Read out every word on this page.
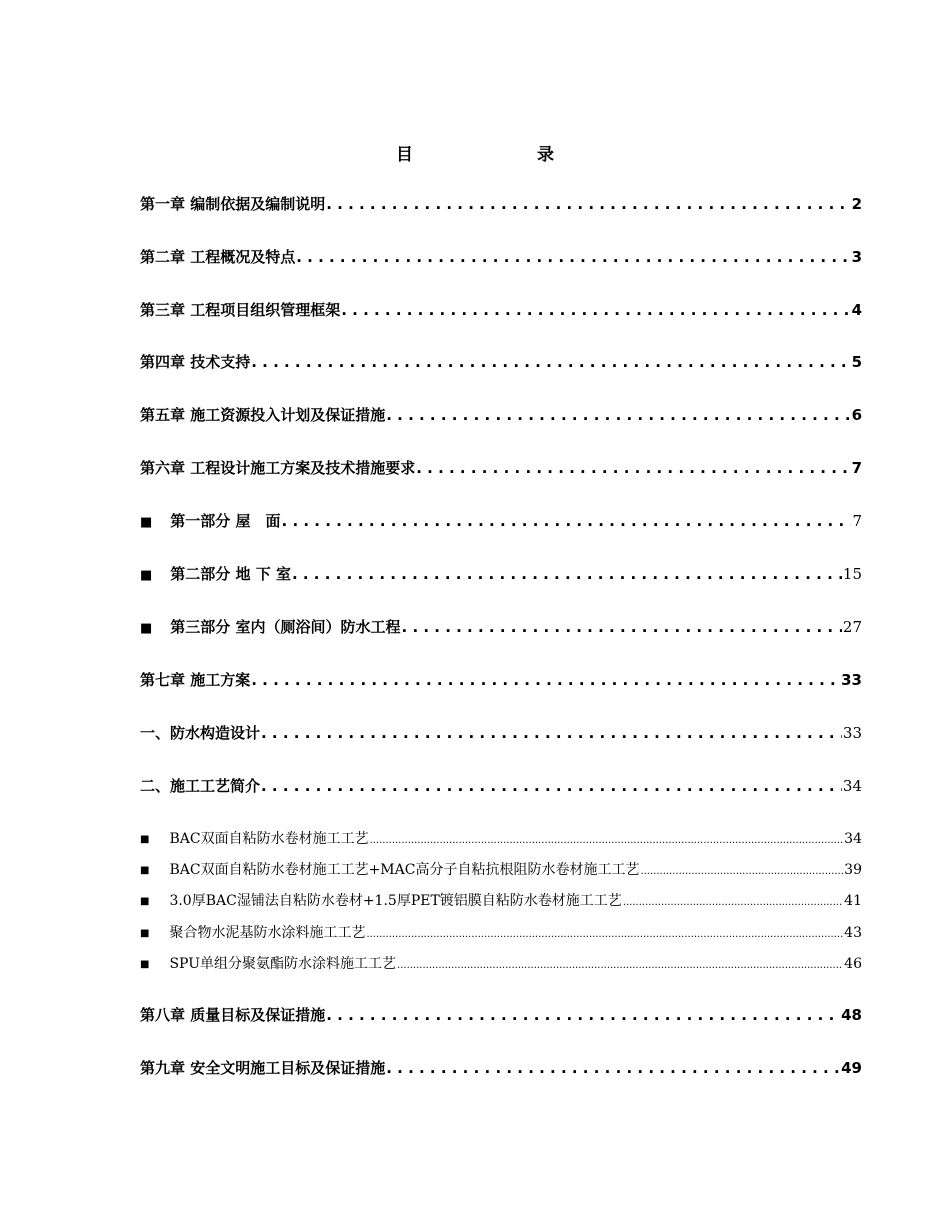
目　　录
第一章 编制依据及编制说明 . . .	2
第二章 工程概况及特点 . . .	3
第三章 工程项目组织管理框架 . . .	4
第四章 技术支持 . . .	5
第五章 施工资源投入计划及保证措施 . . .	6
第六章 工程设计施工方案及技术措施要求 . . .	7
■ 第一部分 屋　面 . . .	7
■ 第二部分 地 下 室 . . .	15
■ 第三部分 室内（厕浴间）防水工程 . . .	27
第七章 施工方案 . . .	33
一、防水构造设计 . . .	33
二、施工工艺简介 . . .	34
■ BAC双面自粘防水卷材施工工艺 .....	34
■ BAC双面自粘防水卷材施工工艺+MAC高分子自粘抗根阻防水卷材施工工艺 .....	39
■ 3.0厚BAC湿铺法自粘防水卷材+1.5厚PET镀铝膜自粘防水卷材施工工艺 .....	41
■ 聚合物水泥基防水涂料施工工艺 .....	43
■ SPU单组分聚氨酯防水涂料施工工艺 .....	46
第八章 质量目标及保证措施 . . .	48
第九章 安全文明施工目标及保证措施 . . .	49
